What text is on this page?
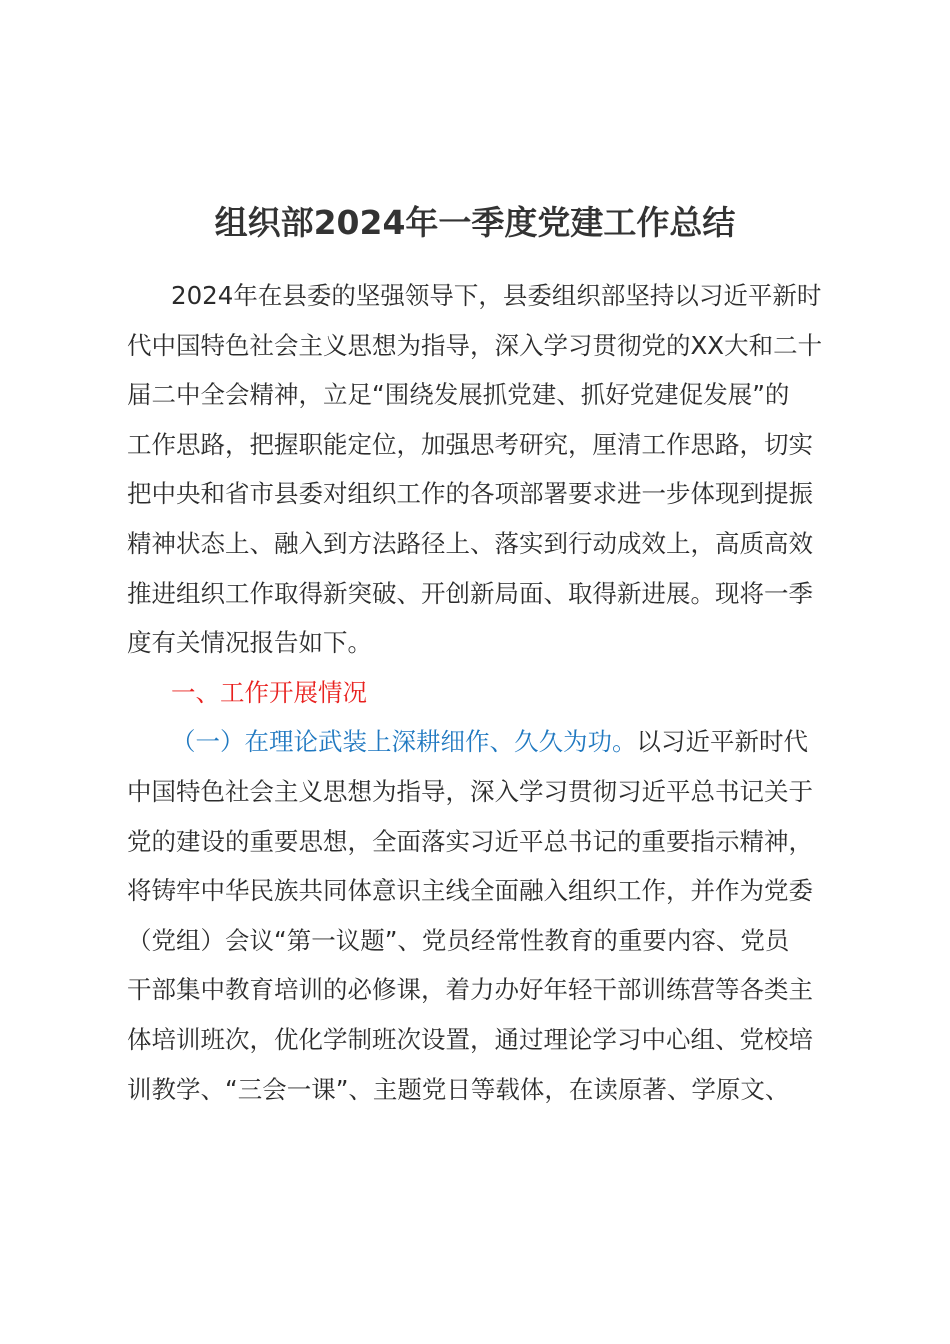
组织部2024年一季度党建工作总结
2024年在县委的坚强领导下，县委组织部坚持以习近平新时
代中国特色社会主义思想为指导，深入学习贯彻党的XX大和二十
届二中全会精神，立足“围绕发展抓党建、抓好党建促发展”的
工作思路，把握职能定位，加强思考研究，厘清工作思路，切实
把中央和省市县委对组织工作的各项部署要求进一步体现到提振
精神状态上、融入到方法路径上、落实到行动成效上，高质高效
推进组织工作取得新突破、开创新局面、取得新进展。现将一季
度有关情况报告如下。
一、工作开展情况
（一）在理论武装上深耕细作、久久为功。以习近平新时代
中国特色社会主义思想为指导，深入学习贯彻习近平总书记关于
党的建设的重要思想，全面落实习近平总书记的重要指示精神，
将铸牢中华民族共同体意识主线全面融入组织工作，并作为党委
（党组）会议“第一议题”、党员经常性教育的重要内容、党员
干部集中教育培训的必修课，着力办好年轻干部训练营等各类主
体培训班次，优化学制班次设置，通过理论学习中心组、党校培
训教学、“三会一课”、主题党日等载体，在读原著、学原文、
